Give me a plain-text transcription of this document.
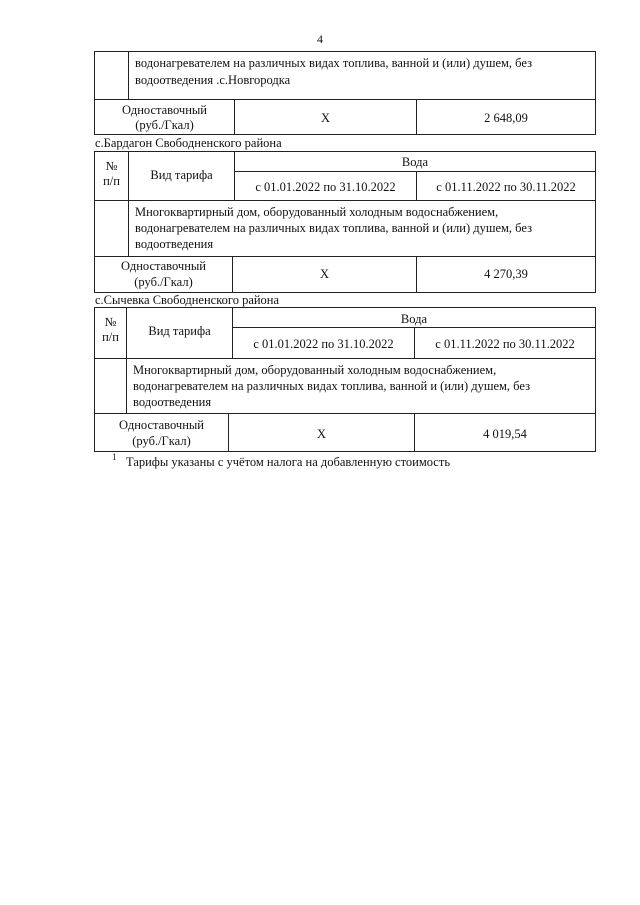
4
водонагревателем на различных видах топлива, ванной и (или) душем, без
водоотведения .с.Новгородка
Одноставочный
(руб./Гкал)	X	2 648,09
с.Бардагон Свободненского района
№
п/п	Вид тарифа
Вода
с 01.01.2022 по 31.10.2022	с 01.11.2022 по 30.11.2022
Многоквартирный дом, оборудованный холодным водоснабжением,
водонагревателем на различных видах топлива, ванной и (или) душем, без
водоотведения
Одноставочный
(руб./Гкал)
X	4 270,39
с.Сычевка Свободненского района
№
п/п	Вид тарифа
Вода
с 01.01.2022 по 31.10.2022	с 01.11.2022 по 30.11.2022
Многоквартирный дом, оборудованный холодным водоснабжением,
водонагревателем на различных видах топлива, ванной и (или) душем, без
водоотведения
Одноставочный
(руб./Гкал)	X	4 019,54
1 Тарифы указаны с учётом налога на добавленную стоимость
